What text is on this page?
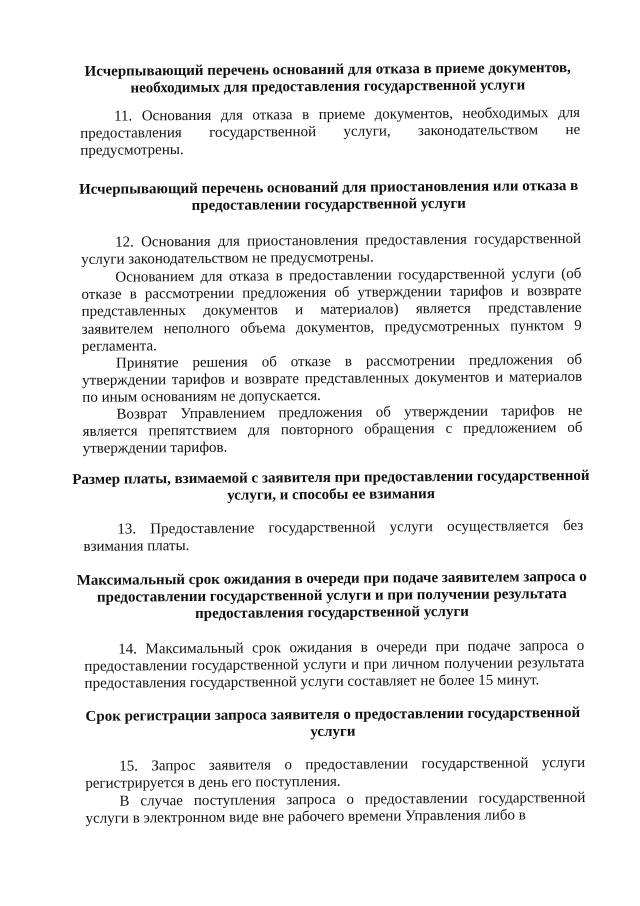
Исчерпывающий перечень оснований для отказа в приеме документов, необходимых для предоставления государственной услуги

11. Основания для отказа в приеме документов, необходимых для предоставления государственной услуги, законодательством не предусмотрены.

Исчерпывающий перечень оснований для приостановления или отказа в предоставлении государственной услуги

12. Основания для приостановления предоставления государственной услуги законодательством не предусмотрены.

Основанием для отказа в предоставлении государственной услуги (об отказе в рассмотрении предложения об утверждении тарифов и возврате представленных документов и материалов) является представление заявителем неполного объема документов, предусмотренных пунктом 9 регламента.

Принятие решения об отказе в рассмотрении предложения об утверждении тарифов и возврате представленных документов и материалов по иным основаниям не допускается.

Возврат Управлением предложения об утверждении тарифов не является препятствием для повторного обращения с предложением об утверждении тарифов.

Размер платы, взимаемой с заявителя при предоставлении государственной услуги, и способы ее взимания

13. Предоставление государственной услуги осуществляется без взимания платы.

Максимальный срок ожидания в очереди при подаче заявителем запроса о предоставлении государственной услуги и при получении результата предоставления государственной услуги

14. Максимальный срок ожидания в очереди при подаче запроса о предоставлении государственной услуги и при личном получении результата предоставления государственной услуги составляет не более 15 минут.

Срок регистрации запроса заявителя о предоставлении государственной услуги

15. Запрос заявителя о предоставлении государственной услуги регистрируется в день его поступления.

В случае поступления запроса о предоставлении государственной услуги в электронном виде вне рабочего времени Управления либо в
